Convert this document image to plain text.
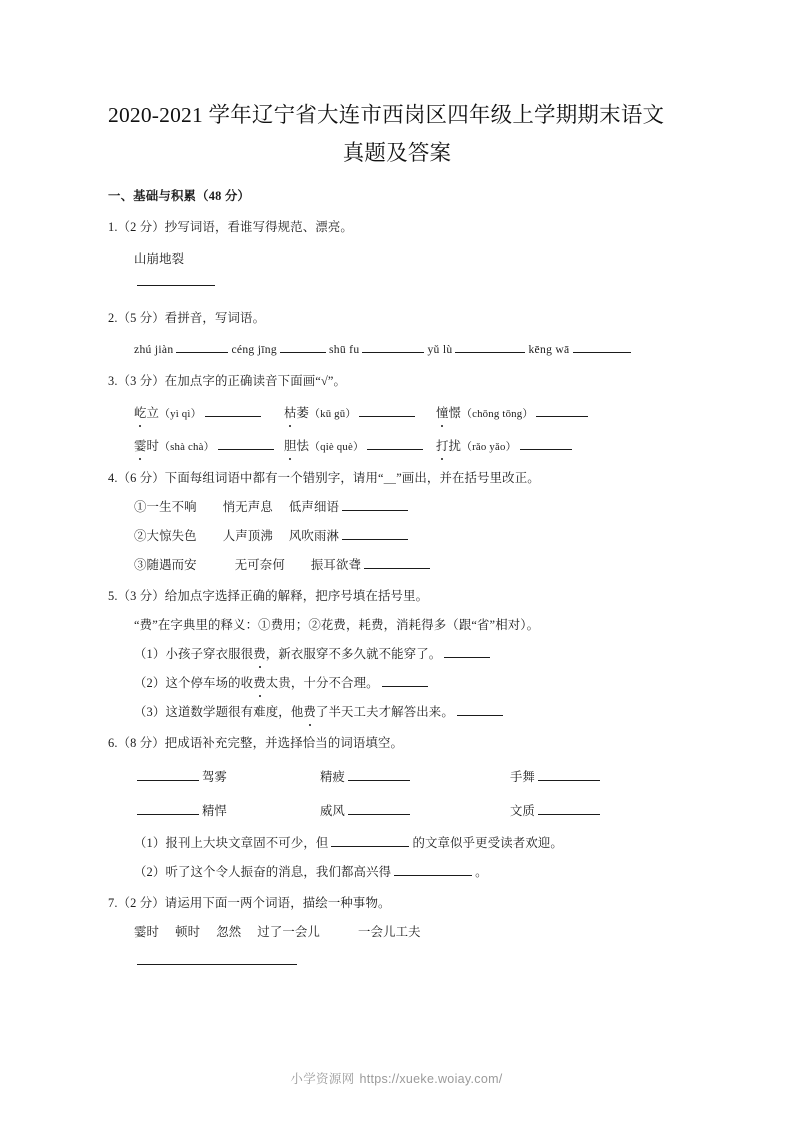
2020-2021 学年辽宁省大连市西岗区四年级上学期期末语文
真题及答案
一、基础与积累（48 分）
1.（2 分）抄写词语，看谁写得规范、漂亮。
山崩地裂
2.（5 分）看拼音，写词语。
zhú jiàn	céng jīng	shū fu	yǔ lù	kēng wā
3.（3 分）在加点字的正确读音下面画“√”。
屹立（yì qì）	枯萎（kū gū）	憧憬（chōng tōng）
霎时（shà chà）	胆怯（qiè què）	打扰（rǎo yǎo）
4.（6 分）下面每组词语中都有一个错别字，请用“＿”画出，并在括号里改正。
①一生不响 悄无声息 低声细语
②大惊失色 人声顶沸 风吹雨淋
③随遇而安	无可奈何 振耳欲聋
5.（3 分）给加点字选择正确的解释，把序号填在括号里。
“费”在字典里的释义：①费用；②花费，耗费，消耗得多（跟“省”相对）。
（1）小孩子穿衣服很费，新衣服穿不多久就不能穿了。
（2）这个停车场的收费太贵，十分不合理。
（3）这道数学题很有难度，他费了半天工夫才解答出来。
6.（8 分）把成语补充完整，并选择恰当的词语填空。
驾雾	精疲	手舞
精悍	威风	文质
（1）报刊上大块文章固不可少，但	的文章似乎更受读者欢迎。
（2）听了这个令人振奋的消息，我们都高兴得	。
7.（2 分）请运用下面一两个词语，描绘一种事物。
霎时 顿时 忽然 过了一会儿	一会儿工夫
小学资源网 https://xueke.woiay.com/
